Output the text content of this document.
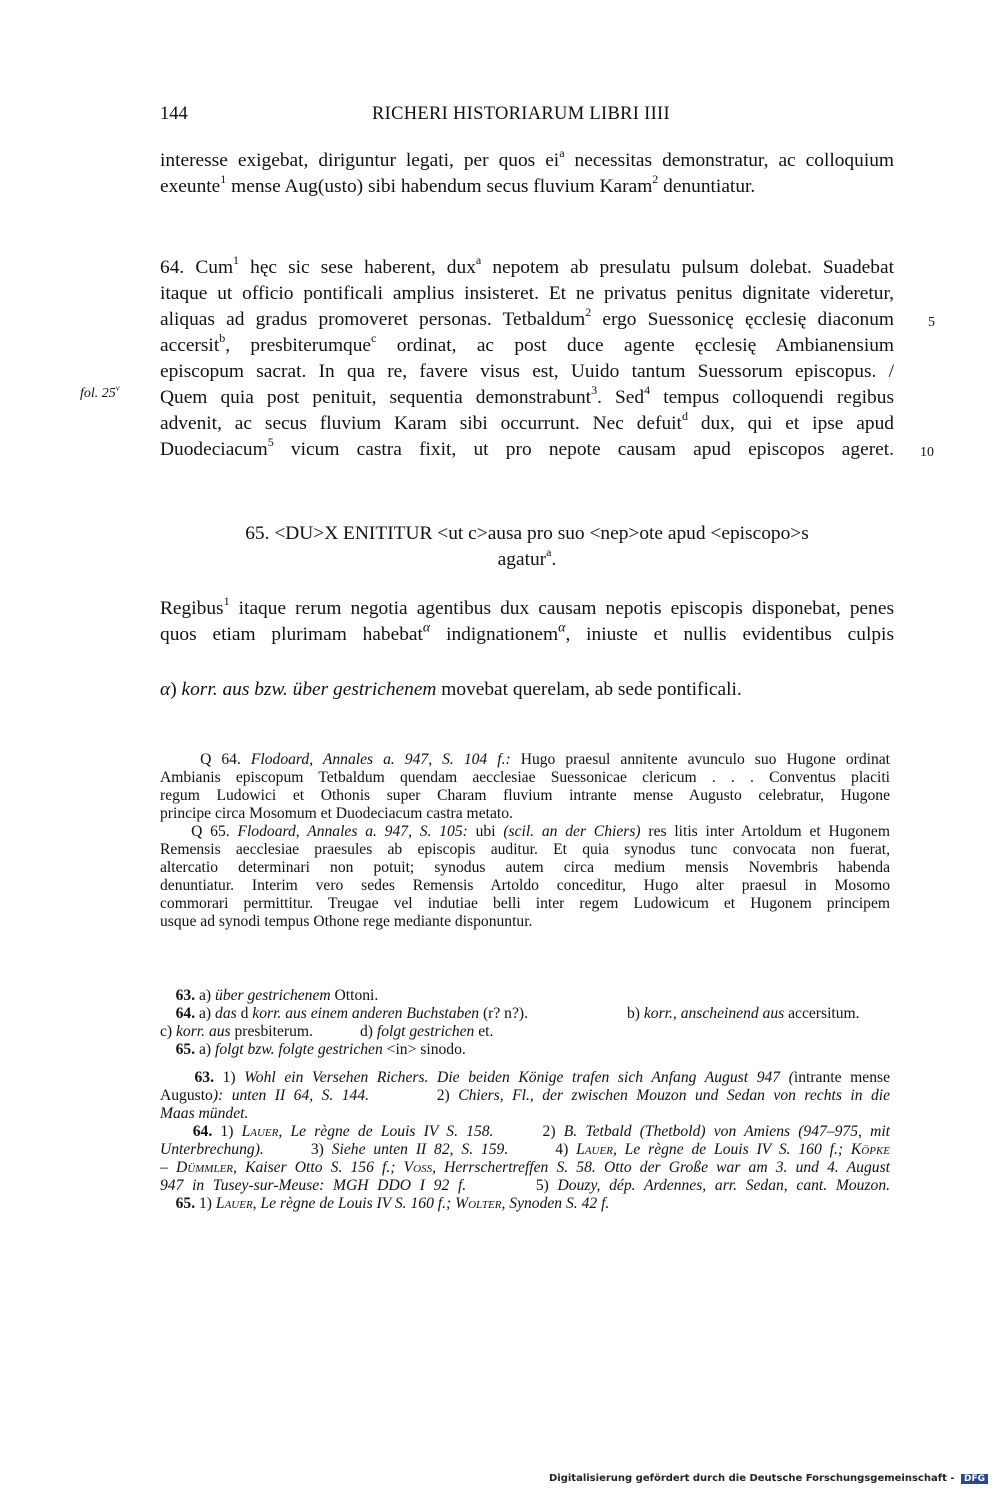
144	RICHERI HISTORIARUM LIBRI IIII
interesse exigebat, diriguntur legati, per quos $ei^a$ necessitas demonstratur, ac colloquium
exeunte$^1$ mense Aug(usto) sibi habendum secus fluvium Karam$^2$ denuntiatur.
64. Cum$^1$ hęc sic sese haberent, dux$^a$ nepotem ab presulatu pulsum dolebat. Suadebat
itaque ut officio pontificali amplius insisteret. Et ne privatus penitus dignitate videretur,
aliquas ad gradus promoveret personas. Tetbaldum$^2$ ergo Suessonicę ęcclesię diaconum
accersit$^b$, presbiterumque$^c$ ordinat, ac post duce agente ęcclesię Ambianensium
episcopum sacrat. In qua re, favere visus est, Uuido tantum Suessorum episcopus. /
Quem quia post penituit, sequentia demonstrabunt$^3$. Sed$^4$ tempus colloquendi regibus
advenit, ac secus fluvium Karam sibi occurrunt. Nec defuit$^d$ dux, qui et ipse apud
Duodeciacum$^5$ vicum castra fixit, ut pro nepote causam apud episcopos ageret.
5
10
fol. 25$^v$
65. <DU>X ENITITUR <ut c>ausa pro suo <nep>ote apud <episcopo>s
agatur$^a$.
Regibus$^1$ itaque rerum negotia agentibus dux causam nepotis episcopis disponebat, penes
quos etiam plurimam habebat$^\alpha$ indignationem$^\alpha$, iniuste et nullis evidentibus culpis
α) korr. aus bzw. über gestrichenem movebat querelam, ab sede pontificali.
Q 64. Flodoard, Annales a. 947, S. 104 f.: Hugo praesul annitente avunculo suo Hugone ordinat
Ambianis episcopum Tetbaldum quendam aecclesiae Suessonicae clericum . . . Conventus placiti
regum Ludowici et Othonis super Charam fluvium intrante mense Augusto celebratur, Hugone
principe circa Mosomum et Duodeciacum castra metato.
Q 65. Flodoard, Annales a. 947, S. 105: ubi (scil. an der Chiers) res litis inter Artoldum et Hugonem
Remensis aecclesiae praesules ab episcopis auditur. Et quia synodus tunc convocata non fuerat,
altercatio determinari non potuit; synodus autem circa medium mensis Novembris habenda
denuntiatur. Interim vero sedes Remensis Artoldo conceditur, Hugo alter praesul in Mosomo
commorari permittitur. Treugae vel indutiae belli inter regem Ludowicum et Hugonem principem
usque ad synodi tempus Othone rege mediante disponuntur.
63. a) über gestrichenem Ottoni.
64. a) das d korr. aus einem anderen Buchstaben (r? n?).	b) korr., anscheinend aus accersitum.
c) korr. aus presbiterum.	d) folgt gestrichen et.
65. a) folgt bzw. folgte gestrichen <in> sinodo.
63. 1) Wohl ein Versehen Richers. Die beiden Könige trafen sich Anfang August 947 (intrante mense
Augusto): unten II 64, S. 144.        2) Chiers, Fl., der zwischen Mouzon und Sedan von rechts in die
Maas mündet.
64. 1) Lauer, Le règne de Louis IV S. 158.      2) B. Tetbald (Thetbold) von Amiens (947–975, mit
Unterbrechung).      3) Siehe unten II 82, S. 159.      4) Lauer, Le règne de Louis IV S. 160 f.; Köpke
– Dümmler, Kaiser Otto S. 156 f.; Voss, Herrschertreffen S. 58. Otto der Große war am 3. und 4. August
947 in Tusey-sur-Meuse: MGH DDO I 92 f.        5) Douzy, dép. Ardennes, arr. Sedan, cant. Mouzon.
65. 1) Lauer, Le règne de Louis IV S. 160 f.; Wolter, Synoden S. 42 f.
Digitalisierung gefördert durch die Deutsche Forschungsgemeinschaft - DFG
